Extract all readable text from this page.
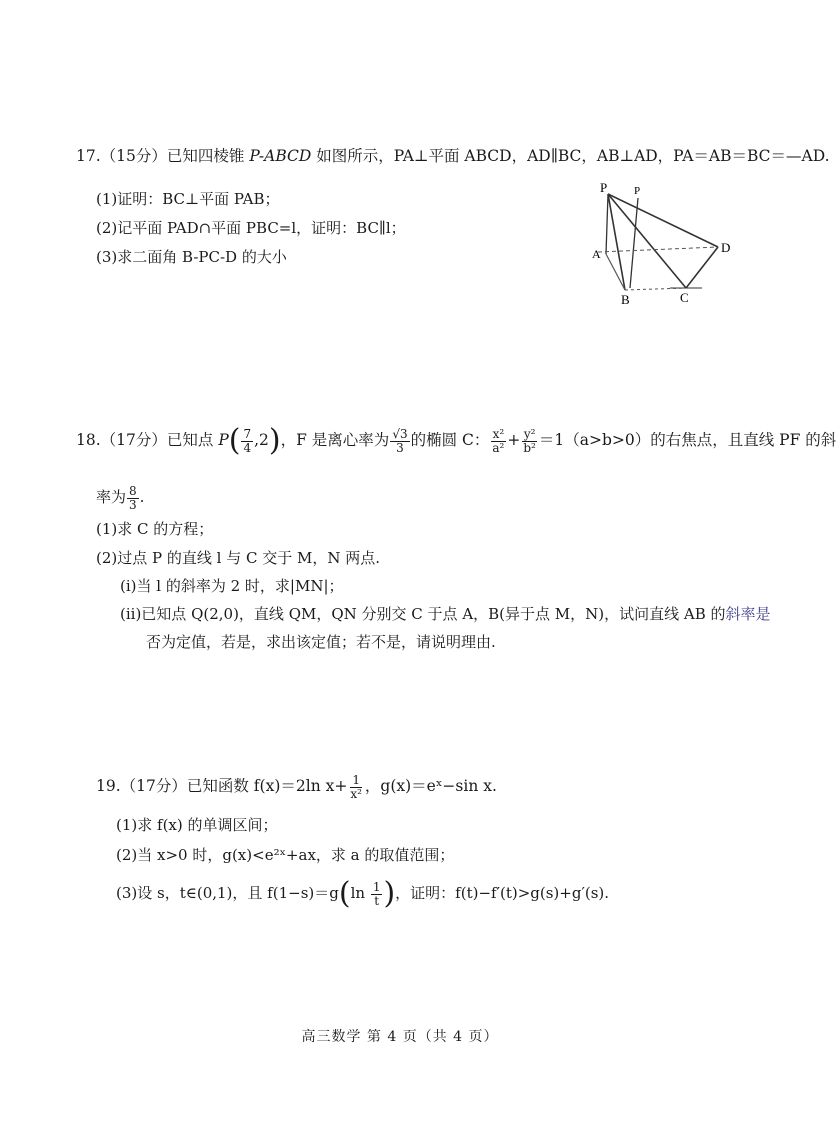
17.（15分）已知四棱锥 P-ABCD 如图所示，PA⊥平面 ABCD，AD∥BC，AB⊥AD，PA＝AB＝BC＝—AD.
(1)证明：BC⊥平面 PAB；
(2)记平面 PAD∩平面 PBC=l，证明：BC∥l；
(3)求二面角 B-PC-D 的大小
P P
A
B	C
D
18.（17分）已知点 $P( \frac{7}{4} ,2)$，F 是离心率为 $\frac{√3}{3}$ 的椭圆 C： $\frac{\text{x²}}{\text{a²}} + \frac{\text{y²}}{\text{b²}} =1(a>b>0)$的右焦点，且直线 PF 的斜
率为 $\frac{8}{3}$ .
(1)求 C 的方程；
(2)过点 P 的直线 l 与 C 交于 M，N 两点.
(i)当 l 的斜率为 2 时，求|MN|；
(ii)已知点 Q(2,0)，直线 QM，QN 分别交 C 于点 A，B(异于点 M，N)，试问直线 AB 的斜率是
否为定值，若是，求出该定值；若不是，请说明理由.
19.（17分）已知函数 f(x)＝2ln $x+ \frac{1}{\text{x²}}$ ，g(x)＝eˣ−sin x.
(1)求 f(x) 的单调区间；
(2)当 x>0 时，g(x)<e²ˣ+ax，求 a 的取值范围；
(3)设 s，t∈(0,1)，且 $f(1-s)=g(\ln \frac{1}{t}$ )，证明：f(t)−f′(t)>g(s)+g′(s).
高三数学 第 4 页（共 4 页）
